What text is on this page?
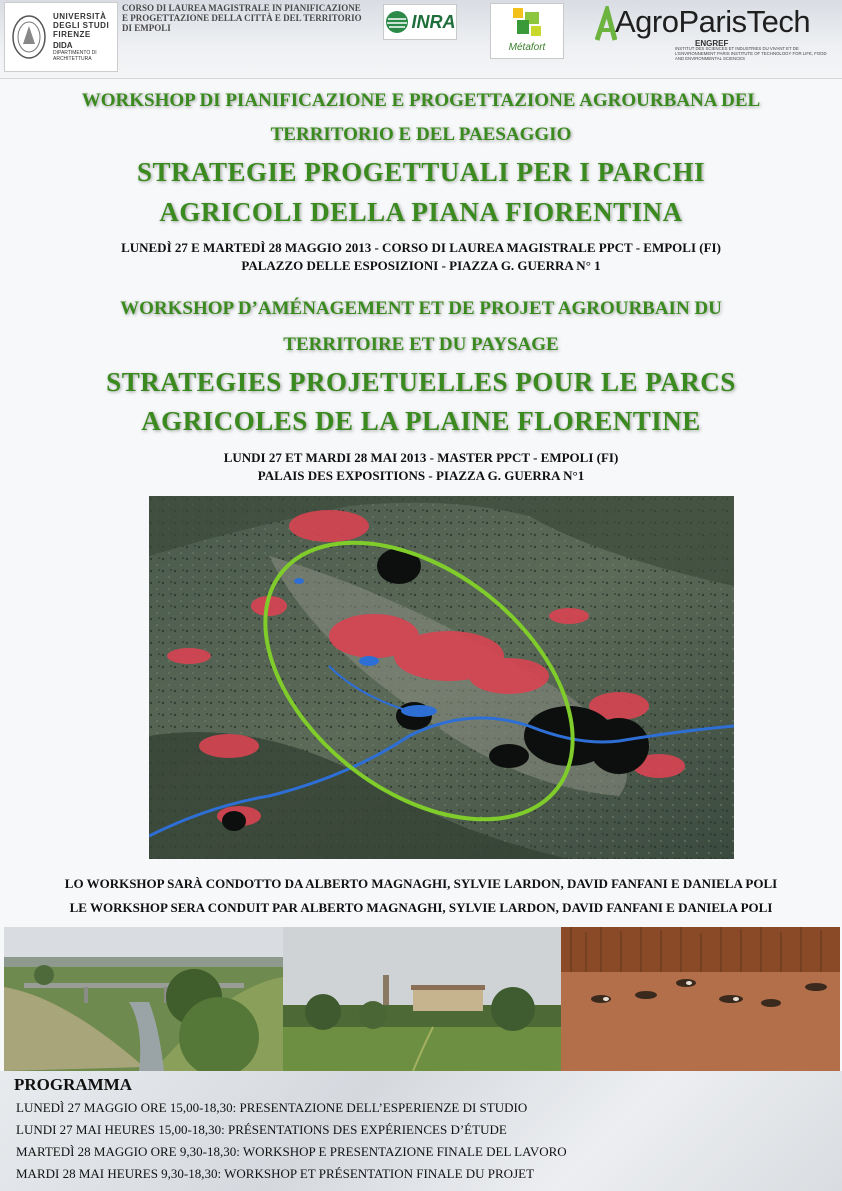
UNIVERSITÀ
DEGLI STUDI
FIRENZE
DIDA
DIPARTIMENTO DI ARCHITETTURA
CORSO DI LAUREA MAGISTRALE IN PIANIFICAZIONE
E PROGETTAZIONE DELLA CITTÀ E DEL TERRITORIO
DI EMPOLI	INRA
Métafort
AgroParisTech
ENGREF
INSTITUT DES SCIENCES ET INDUSTRIES DU VIVANT ET DE L'ENVIRONNEMENT PARIS INSTITUTE OF TECHNOLOGY FOR LIFE, FOOD AND ENVIRONMENTAL SCIENCES
WORKSHOP DI PIANIFICAZIONE E PROGETTAZIONE AGROURBANA DEL
TERRITORIO E DEL PAESAGGIO
STRATEGIE PROGETTUALI PER I PARCHI
AGRICOLI DELLA PIANA FIORENTINA
LUNEDÌ 27 E MARTEDÌ 28 MAGGIO 2013 - CORSO DI LAUREA MAGISTRALE PPCT - EMPOLI (FI)
PALAZZO DELLE ESPOSIZIONI - PIAZZA G. GUERRA N° 1
WORKSHOP D’AMÉNAGEMENT ET DE PROJET AGROURBAIN DU
TERRITOIRE ET DU PAYSAGE
STRATEGIES PROJETUELLES POUR LE PARCS
AGRICOLES DE LA PLAINE FLORENTINE
LUNDI 27 ET MARDI 28 MAI 2013 - MASTER PPCT - EMPOLI (FI)
PALAIS DES EXPOSITIONS - PIAZZA G. GUERRA N°1
LO WORKSHOP SARÀ CONDOTTO DA ALBERTO MAGNAGHI, SYLVIE LARDON, DAVID FANFANI E DANIELA POLI
LE WORKSHOP SERA CONDUIT PAR ALBERTO MAGNAGHI, SYLVIE LARDON, DAVID FANFANI E DANIELA POLI
PROGRAMMA
LUNEDÌ 27 MAGGIO ORE 15,00-18,30: PRESENTAZIONE DELL’ESPERIENZE DI STUDIO
LUNDI 27 MAI HEURES 15,00-18,30: PRÉSENTATIONS DES EXPÉRIENCES D’ÉTUDE
MARTEDÌ 28 MAGGIO ORE 9,30-18,30: WORKSHOP E PRESENTAZIONE FINALE DEL LAVORO
MARDI 28 MAI HEURES 9,30-18,30: WORKSHOP ET PRÉSENTATION FINALE DU PROJET
